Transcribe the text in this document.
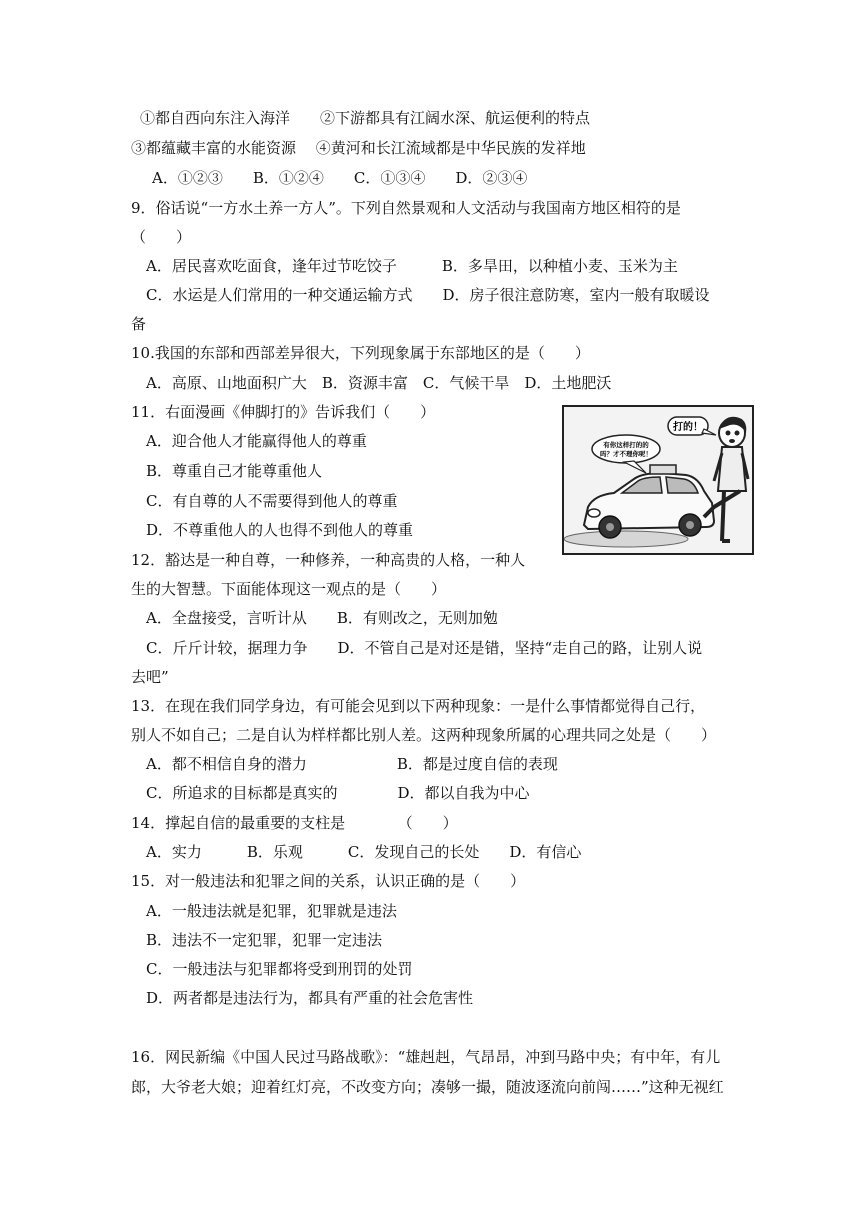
①都自西向东注入海洋　　②下游都具有江阔水深、航运便利的特点
③都蕴藏丰富的水能资源　 ④黄河和长江流域都是中华民族的发祥地
A．①②③　　B．①②④　　C．①③④　　D．②③④
9．俗话说“一方水土养一方人”。下列自然景观和人文活动与我国南方地区相符的是
（　　）
A．居民喜欢吃面食，逢年过节吃饺子　　　B．多旱田，以种植小麦、玉米为主
C．水运是人们常用的一种交通运输方式　　D．房子很注意防寒，室内一般有取暖设
备
10.我国的东部和西部差异很大，下列现象属于东部地区的是（　　）
A．高原、山地面积广大　B．资源丰富　C．气候干旱　D．土地肥沃
11．右面漫画《伸脚打的》告诉我们（　　）
A．迎合他人才能赢得他人的尊重
B．尊重自己才能尊重他人
C．有自尊的人不需要得到他人的尊重
D．不尊重他人的人也得不到他人的尊重
12．豁达是一种自尊，一种修养，一种高贵的人格，一种人
生的大智慧。下面能体现这一观点的是（　　）
A．全盘接受，言听计从　　B．有则改之，无则加勉
C．斤斤计较，据理力争　　D．不管自己是对还是错，坚持“走自己的路，让别人说
去吧”
13．在现在我们同学身边，有可能会见到以下两种现象：一是什么事情都觉得自己行，
别人不如自己；二是自认为样样都比别人差。这两种现象所属的心理共同之处是（　　）
A．都不相信自身的潜力　　　　　　B．都是过度自信的表现
C．所追求的目标都是真实的　　　　D．都以自我为中心
14．撑起自信的最重要的支柱是　　　　（　　）
A．实力　　　B．乐观　　　C．发现自己的长处　　D．有信心
15．对一般违法和犯罪之间的关系，认识正确的是（　　）
A．一般违法就是犯罪，犯罪就是违法
B．违法不一定犯罪，犯罪一定违法
C．一般违法与犯罪都将受到刑罚的处罚
D．两者都是违法行为，都具有严重的社会危害性
16．网民新编《中国人民过马路战歌》：“雄赳赳，气昂昂，冲到马路中央；有中年，有儿
郎，大爷老大娘；迎着红灯亮，不改变方向；凑够一撮，随波逐流向前闯……”这种无视红
打的！
有你这样打的的
吗？才不理你呢！
